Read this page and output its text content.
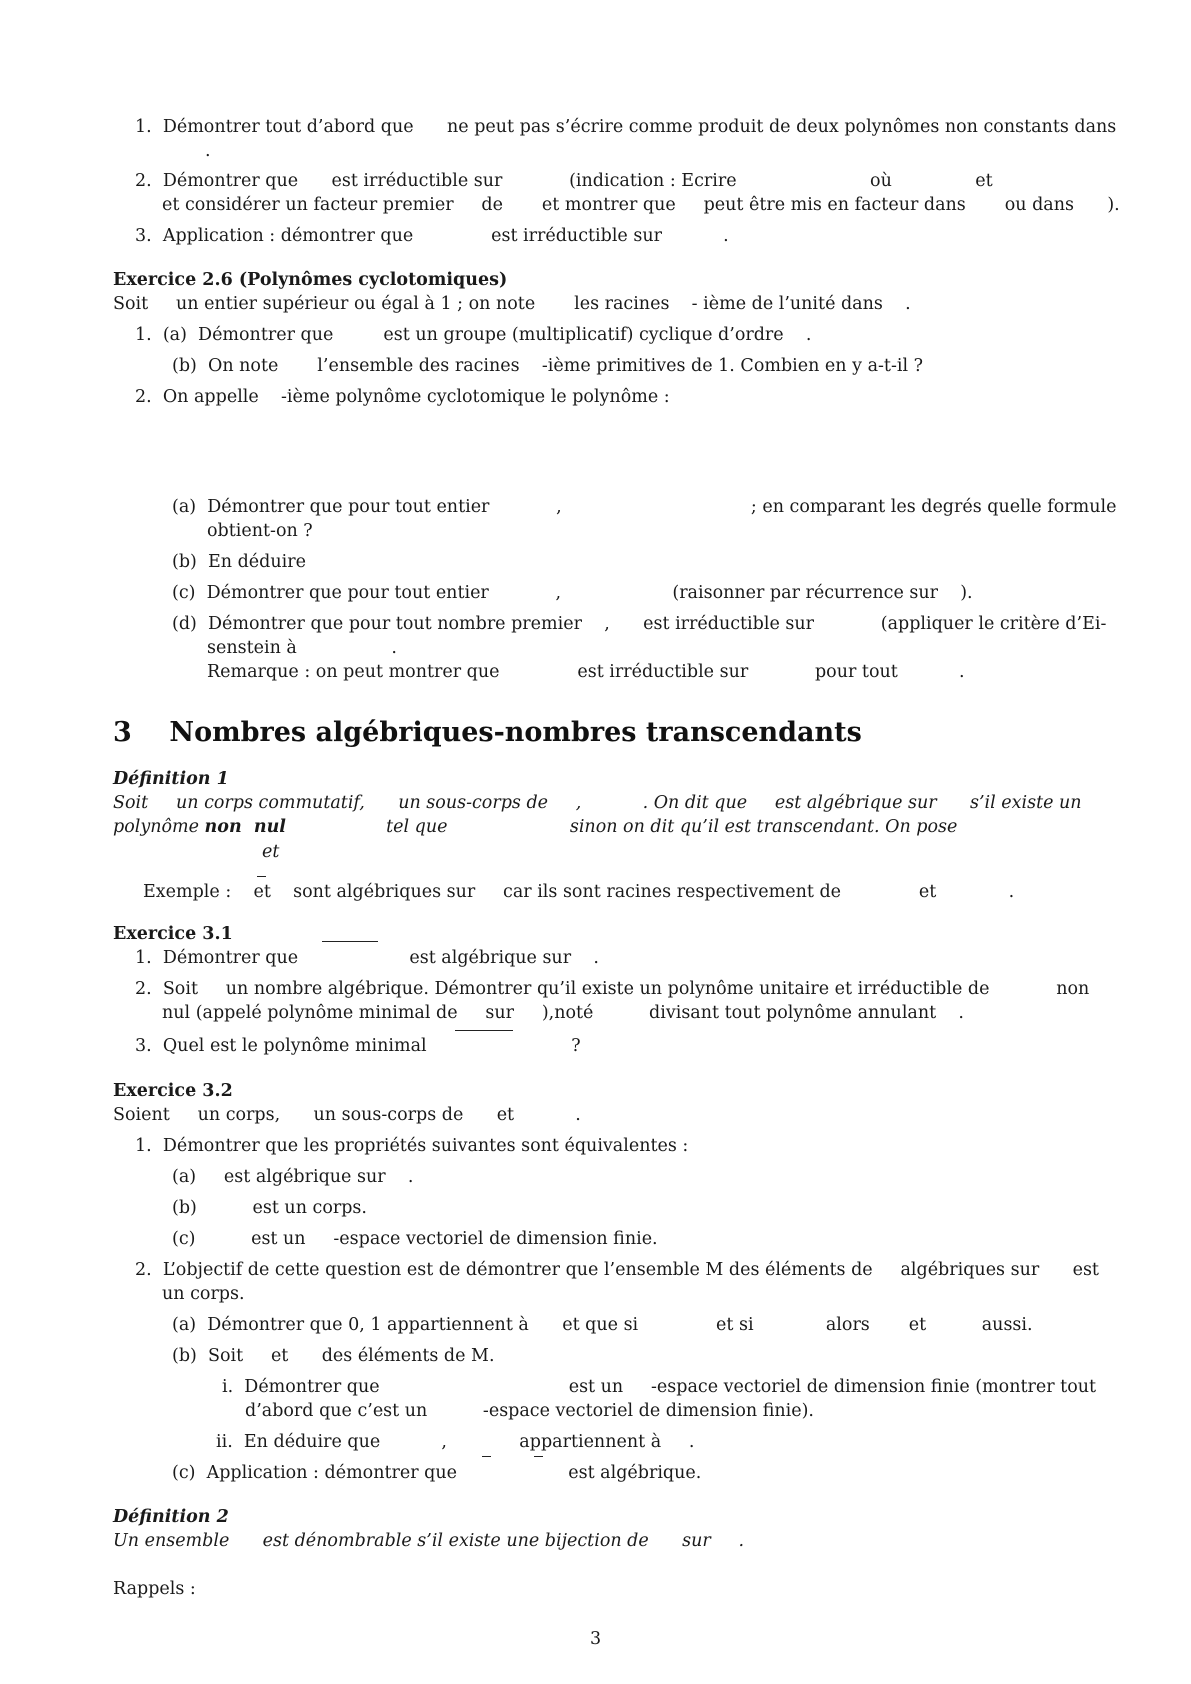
1.  Démontrer tout d’abord que      ne peut pas s’écrire comme produit de deux polynômes non constants dans
.
2.  Démontrer que      est irréductible sur            (indication : Ecrire                        où               et
et considérer un facteur premier     de       et montrer que     peut être mis en facteur dans       ou dans      ).
3.  Application : démontrer que              est irréductible sur           .
Exercice 2.6 (Polynômes cyclotomiques)
Soit     un entier supérieur ou égal à 1 ; on note       les racines    - ième de l’unité dans    .
1.  (a)  Démontrer que         est un groupe (multiplicatif) cyclique d’ordre    .
(b)  On note       l’ensemble des racines    -ième primitives de 1. Combien en y a-t-il ?
2.  On appelle    -ième polynôme cyclotomique le polynôme :
(a)  Démontrer que pour tout entier            ,                                  ; en comparant les degrés quelle formule
obtient-on ?
(b)  En déduire
(c)  Démontrer que pour tout entier            ,                    (raisonner par récurrence sur    ).
(d)  Démontrer que pour tout nombre premier    ,      est irréductible sur            (appliquer le critère d’Ei-
senstein à                 .
Remarque : on peut montrer que              est irréductible sur            pour tout           .
3    Nombres algébriques-nombres transcendants
Définition 1
Soit     un corps commutatif,      un sous-corps de     ,           . On dit que     est algébrique sur      s’il existe un
polynôme non  nul                  tel que                      sinon on dit qu’il est transcendant. On pose
et
Exemple :    et    sont algébriques sur     car ils sont racines respectivement de              et             .
Exercice 3.1
1.  Démontrer que                    est algébrique sur    .
2.  Soit     un nombre algébrique. Démontrer qu’il existe un polynôme unitaire et irréductible de            non
nul (appelé polynôme minimal de     sur     ),noté          divisant tout polynôme annulant    .
3.  Quel est le polynôme minimal                          ?
Exercice 3.2
Soient     un corps,      un sous-corps de      et           .
1.  Démontrer que les propriétés suivantes sont équivalentes :
(a)     est algébrique sur    .
(b)          est un corps.
(c)          est un     -espace vectoriel de dimension finie.
2.  L’objectif de cette question est de démontrer que l’ensemble M des éléments de     algébriques sur      est
un corps.
(a)  Démontrer que 0, 1 appartiennent à      et que si              et si             alors       et          aussi.
(b)  Soit     et      des éléments de M.
i.  Démontrer que                                  est un     -espace vectoriel de dimension finie (montrer tout
d’abord que c’est un          -espace vectoriel de dimension finie).
ii.  En déduire que           ,             appartiennent à     .
(c)  Application : démontrer que                    est algébrique.
Définition 2
Un ensemble      est dénombrable s’il existe une bijection de      sur     .
Rappels :
3
